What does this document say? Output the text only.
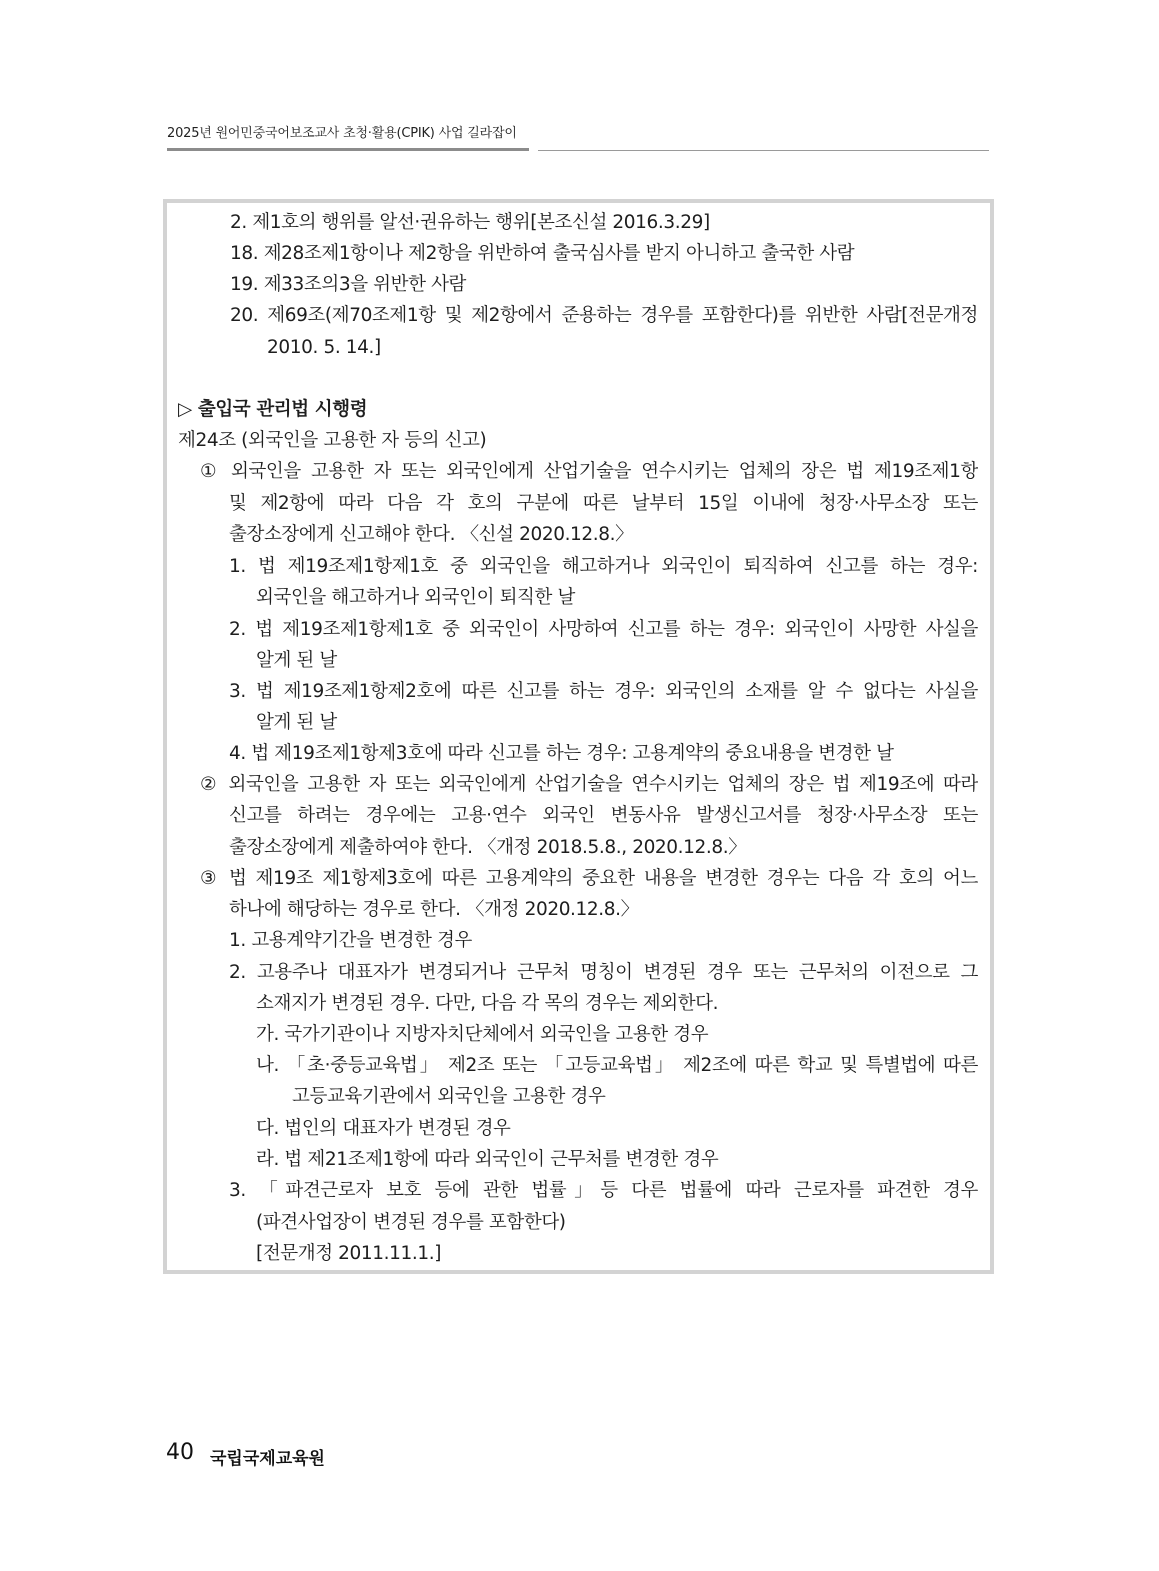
2025년 원어민중국어보조교사 초청·활용(CPIK) 사업 길라잡이
2. 제1호의 행위를 알선·권유하는 행위[본조신설 2016.3.29]
18. 제28조제1항이나 제2항을 위반하여 출국심사를 받지 아니하고 출국한 사람
19. 제33조의3을 위반한 사람
20. 제69조(제70조제1항 및 제2항에서 준용하는 경우를 포함한다)를 위반한 사람[전문개정
2010. 5. 14.]
▷ 출입국 관리법 시행령
제24조 (외국인을 고용한 자 등의 신고)
① 외국인을 고용한 자 또는 외국인에게 산업기술을 연수시키는 업체의 장은 법 제19조제1항
및 제2항에 따라 다음 각 호의 구분에 따른 날부터 15일 이내에 청장·사무소장 또는
출장소장에게 신고해야 한다. 〈신설 2020.12.8.〉
1. 법 제19조제1항제1호 중 외국인을 해고하거나 외국인이 퇴직하여 신고를 하는 경우:
외국인을 해고하거나 외국인이 퇴직한 날
2. 법 제19조제1항제1호 중 외국인이 사망하여 신고를 하는 경우: 외국인이 사망한 사실을
알게 된 날
3. 법 제19조제1항제2호에 따른 신고를 하는 경우: 외국인의 소재를 알 수 없다는 사실을
알게 된 날
4. 법 제19조제1항제3호에 따라 신고를 하는 경우: 고용계약의 중요내용을 변경한 날
② 외국인을 고용한 자 또는 외국인에게 산업기술을 연수시키는 업체의 장은 법 제19조에 따라
신고를 하려는 경우에는 고용·연수 외국인 변동사유 발생신고서를 청장·사무소장 또는
출장소장에게 제출하여야 한다. 〈개정 2018.5.8., 2020.12.8.〉
③ 법 제19조 제1항제3호에 따른 고용계약의 중요한 내용을 변경한 경우는 다음 각 호의 어느
하나에 해당하는 경우로 한다. 〈개정 2020.12.8.〉
1. 고용계약기간을 변경한 경우
2. 고용주나 대표자가 변경되거나 근무처 명칭이 변경된 경우 또는 근무처의 이전으로 그
소재지가 변경된 경우. 다만, 다음 각 목의 경우는 제외한다.
가. 국가기관이나 지방자치단체에서 외국인을 고용한 경우
나. 「초·중등교육법」 제2조 또는 「고등교육법」 제2조에 따른 학교 및 특별법에 따른
고등교육기관에서 외국인을 고용한 경우
다. 법인의 대표자가 변경된 경우
라. 법 제21조제1항에 따라 외국인이 근무처를 변경한 경우
3. 「파견근로자 보호 등에 관한 법률」등 다른 법률에 따라 근로자를 파견한 경우
(파견사업장이 변경된 경우를 포함한다)
[전문개정 2011.11.1.]
40 국립국제교육원
